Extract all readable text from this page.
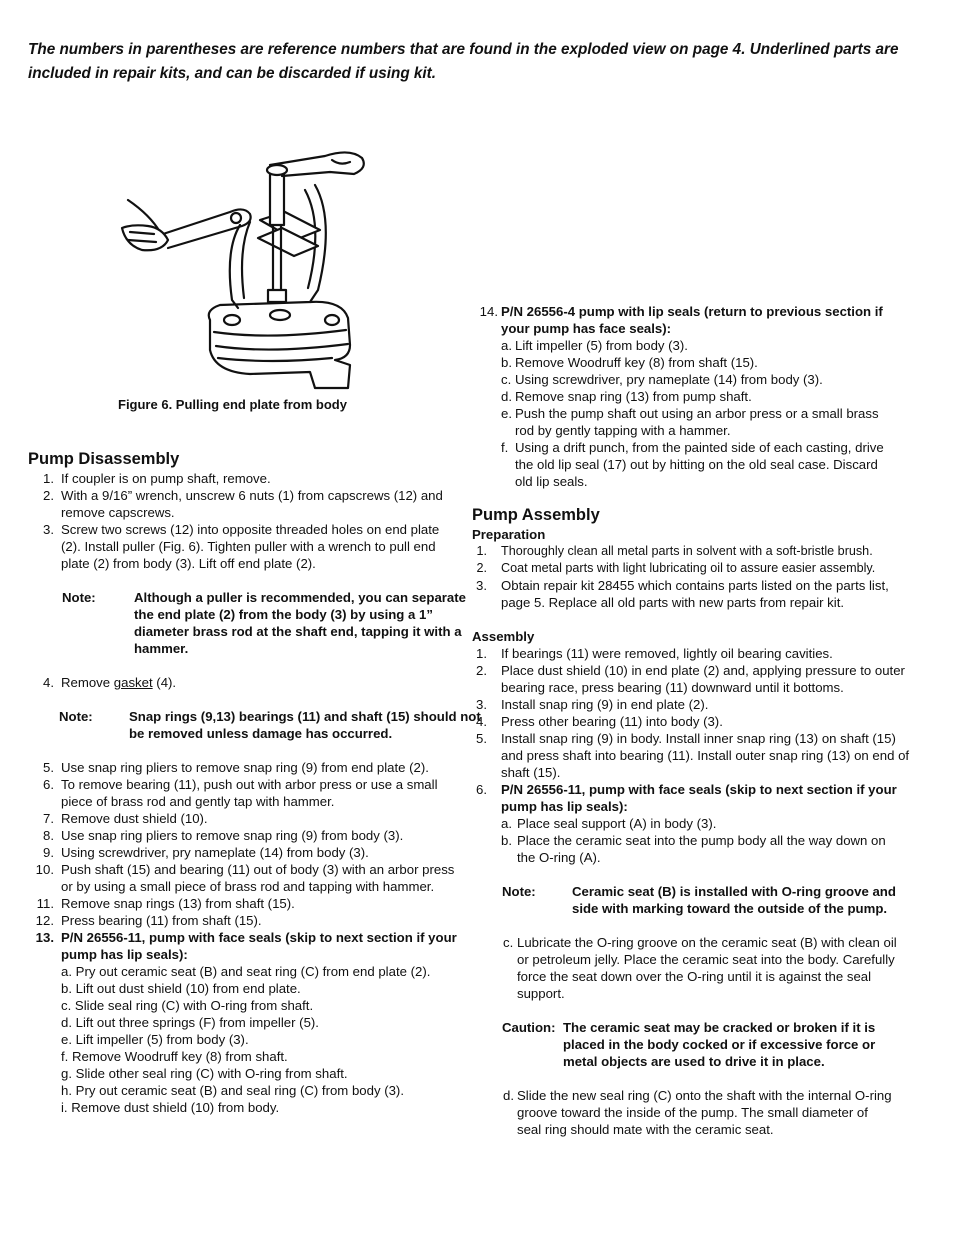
The numbers in parentheses are reference numbers that are found in the exploded view on page 4. Underlined parts are included in repair kits, and can be discarded if using kit.
Figure 6. Pulling end plate from body
Pump Disassembly
1. If coupler is on pump shaft, remove.
2. With a 9/16” wrench, unscrew 6 nuts (1) from capscrews (12) and remove capscrews.
3. Screw two screws (12) into opposite threaded holes on end plate (2). Install puller (Fig. 6). Tighten puller with a wrench to pull end plate (2) from body (3). Lift off end plate (2).
Note:	Although a puller is recommended, you can separate the end plate (2) from the body (3) by using a 1” diameter brass rod at the shaft end, tapping it with a hammer.
4. Remove gasket (4).
Note:	Snap rings (9,13) bearings (11) and shaft (15) should not be removed unless damage has occurred.
5. Use snap ring pliers to remove snap ring (9) from end plate (2).
6. To remove bearing (11), push out with arbor press or use a small piece of brass rod and gently tap with hammer.
7. Remove dust shield (10).
8. Use snap ring pliers to remove snap ring (9) from body (3).
9. Using screwdriver, pry nameplate (14) from body (3).
10. Push shaft (15) and bearing (11) out of body (3) with an arbor press or by using a small piece of brass rod and tapping with hammer.
11. Remove snap rings (13) from shaft (15).
12. Press bearing (11) from shaft (15).
13. P/N 26556-11, pump with face seals (skip to next section if your pump has lip seals):
a. Pry out ceramic seat (B) and seat ring (C) from end plate (2).
b. Lift out dust shield (10) from end plate.
c. Slide seal ring (C) with O-ring from shaft.
d. Lift out three springs (F) from impeller (5).
e. Lift impeller (5) from body (3).
f. Remove Woodruff key (8) from shaft.
g. Slide other seal ring (C) with O-ring from shaft.
h. Pry out ceramic seat (B) and seal ring (C) from body (3).
i. Remove dust shield (10) from body.
14. P/N 26556-4 pump with lip seals (return to previous section if your pump has face seals):
a. Lift impeller (5) from body (3).
b. Remove Woodruff key (8) from shaft (15).
c. Using screwdriver, pry nameplate (14) from body (3).
d. Remove snap ring (13) from pump shaft.
e. Push the pump shaft out using an arbor press or a small brass rod by gently tapping with a hammer.
f. Using a drift punch, from the painted side of each casting, drive the old lip seal (17) out by hitting on the old seal case. Discard old lip seals.
Pump Assembly
Preparation
1. Thoroughly clean all metal parts in solvent with a soft-bristle brush.
2. Coat metal parts with light lubricating oil to assure easier assembly.
3. Obtain repair kit 28455 which contains parts listed on the parts list, page 5. Replace all old parts with new parts from repair kit.
Assembly
1. If bearings (11) were removed, lightly oil bearing cavities.
2. Place dust shield (10) in end plate (2) and, applying pressure to outer bearing race, press bearing (11) downward until it bottoms.
3. Install snap ring (9) in end plate (2).
4. Press other bearing (11) into body (3).
5. Install snap ring (9) in body. Install inner snap ring (13) on shaft (15) and press shaft into bearing (11). Install outer snap ring (13) on end of shaft (15).
6. P/N 26556-11, pump with face seals (skip to next section if your pump has lip seals):
a. Place seal support (A) in body (3).
b. Place the ceramic seat into the pump body all the way down on the O-ring (A).
Note:	Ceramic seat (B) is installed with O-ring groove and side with marking toward the outside of the pump.
c. Lubricate the O-ring groove on the ceramic seat (B) with clean oil or petroleum jelly. Place the ceramic seat into the body. Carefully force the seat down over the O-ring until it is against the seal support.
Caution: The ceramic seat may be cracked or broken if it is placed in the body cocked or if excessive force or metal objects are used to drive it in place.
d. Slide the new seal ring (C) onto the shaft with the internal O-ring groove toward the inside of the pump. The small diameter of seal ring should mate with the ceramic seat.
